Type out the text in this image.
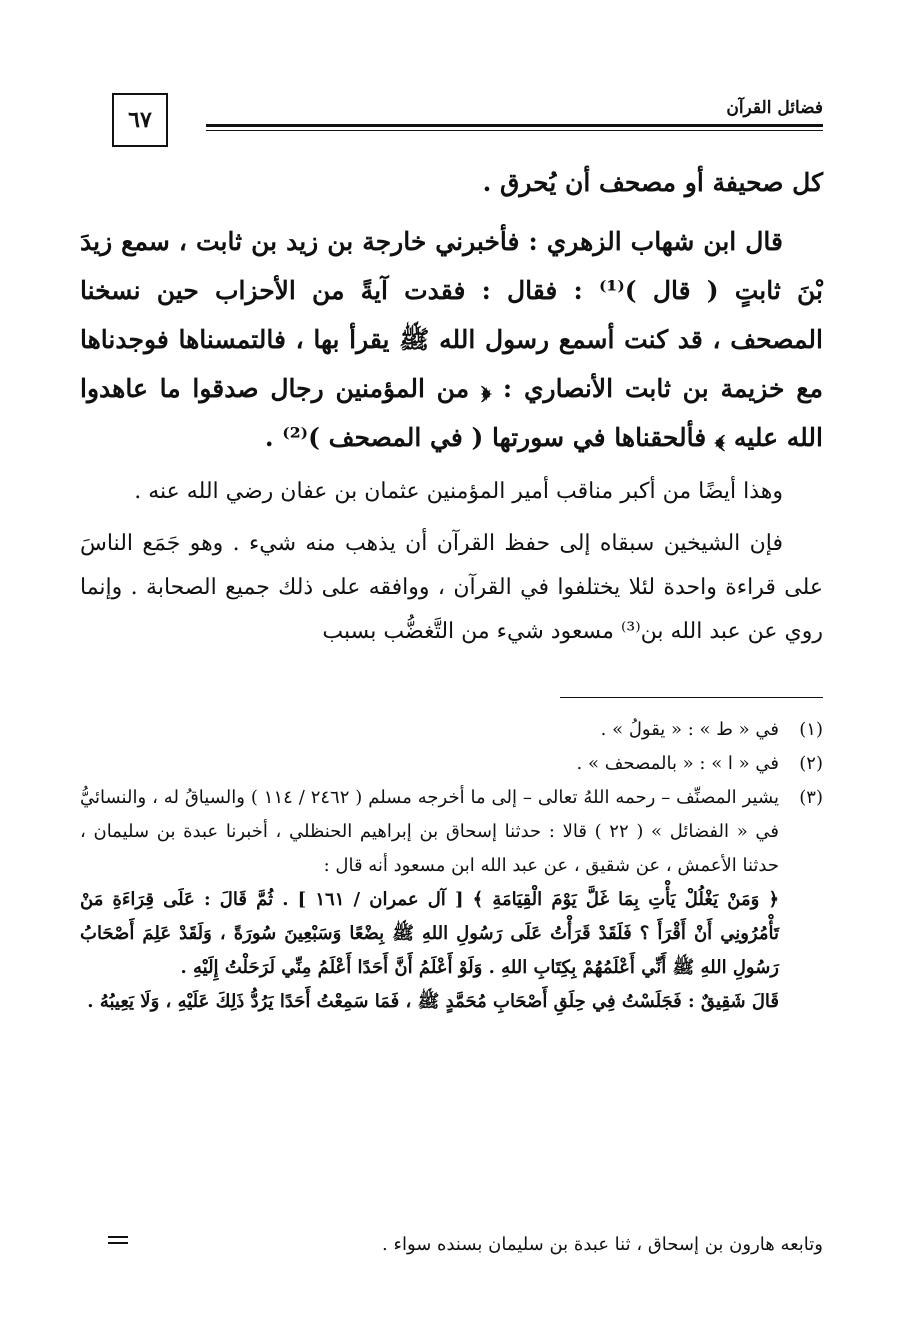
٦٧	فضائل القرآن

كل صحيفة أو مصحف أن يُحرق .

قال ابن شهاب الزهري : فأخبرني خارجة بن زيد بن ثابت ، سمع زيدَ بْنَ ثابتٍ ( قال )⁽¹⁾ : فقال : فقدت آيةً من الأحزاب حين نسخنا المصحف ، قد كنت أسمع رسول الله ﷺ يقرأ بها ، فالتمسناها فوجدناها مع خزيمة بن ثابت الأنصاري : ﴿ من المؤمنين رجال صدقوا ما عاهدوا الله عليه ﴾ فألحقناها في سورتها ( في المصحف )⁽²⁾ .

وهذا أيضًا من أكبر مناقب أمير المؤمنين عثمان بن عفان رضي الله عنه .

فإن الشيخين سبقاه إلى حفظ القرآن أن يذهب منه شيء . وهو جَمَع الناسَ على قراءة واحدة لئلا يختلفوا في القرآن ، ووافقه على ذلك جميع الصحابة . وإنما روي عن عبد الله بن⁽³⁾ مسعود شيء من التَّغضُّب بسبب

(١)

في « ط » : « يقولُ » .

(٢)

في « ا » : « بالمصحف » .

(٣)

يشير المصنِّف – رحمه اللهُ تعالى – إلى ما أخرجه مسلم ( ٢٤٦٢ / ١١٤ ) والسياقُ له ، والنسائيُّ في « الفضائل » ( ٢٢ ) قالا : حدثنا إسحاق بن إبراهيم الحنظلي ، أخبرنا عبدة بن سليمان ، حدثنا الأعمش ، عن شقيق ، عن عبد الله ابن مسعود أنه قال :

﴿ وَمَنْ يَغْلُلْ يَأْتِ بِمَا غَلَّ يَوْمَ الْقِيَامَةِ ﴾ [ آل عمران / ١٦١ ] . ثُمَّ قَالَ : عَلَى قِرَاءَةِ مَنْ تَأْمُرُونِي أَنْ أَقْرَأَ ؟ فَلَقَدْ قَرَأْتُ عَلَى رَسُولِ اللهِ ﷺ بِضْعًا وَسَبْعِينَ سُورَةً ، وَلَقَدْ عَلِمَ أَصْحَابُ رَسُولِ اللهِ ﷺ أَنِّي أَعْلَمُهُمْ بِكِتَابِ اللهِ . وَلَوْ أَعْلَمُ أَنَّ أَحَدًا أَعْلَمُ مِنِّي لَرَحَلْتُ إِلَيْهِ .

قَالَ شَقِيقٌ : فَجَلَسْتُ فِي حِلَقِ أَصْحَابِ مُحَمَّدٍ ﷺ ، فَمَا سَمِعْتُ أَحَدًا يَرُدُّ ذَلِكَ عَلَيْهِ ، وَلَا يَعِيبُهُ .

وتابعه هارون بن إسحاق ، ثنا عبدة بن سليمان بسنده سواء .
